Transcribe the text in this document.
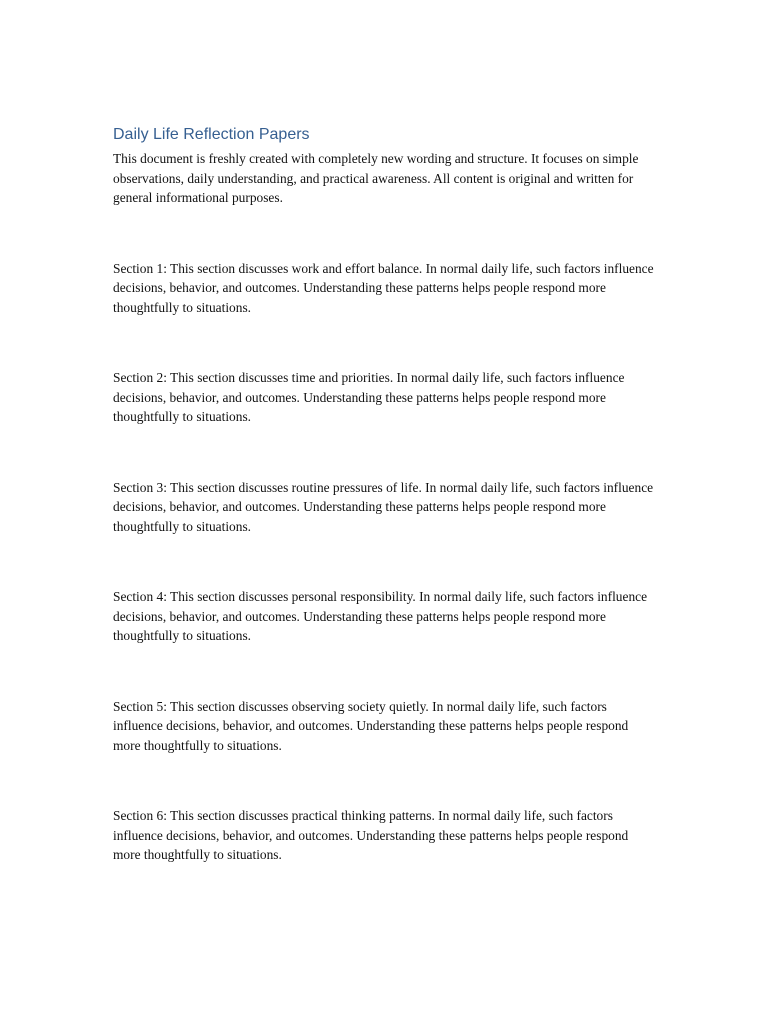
Daily Life Reflection Papers

This document is freshly created with completely new wording and structure. It focuses on simple observations, daily understanding, and practical awareness. All content is original and written for general informational purposes.

Section 1: This section discusses work and effort balance. In normal daily life, such factors influence decisions, behavior, and outcomes. Understanding these patterns helps people respond more thoughtfully to situations.

Section 2: This section discusses time and priorities. In normal daily life, such factors influence decisions, behavior, and outcomes. Understanding these patterns helps people respond more thoughtfully to situations.

Section 3: This section discusses routine pressures of life. In normal daily life, such factors influence decisions, behavior, and outcomes. Understanding these patterns helps people respond more thoughtfully to situations.

Section 4: This section discusses personal responsibility. In normal daily life, such factors influence decisions, behavior, and outcomes. Understanding these patterns helps people respond more thoughtfully to situations.

Section 5: This section discusses observing society quietly. In normal daily life, such factors influence decisions, behavior, and outcomes. Understanding these patterns helps people respond more thoughtfully to situations.

Section 6: This section discusses practical thinking patterns. In normal daily life, such factors influence decisions, behavior, and outcomes. Understanding these patterns helps people respond more thoughtfully to situations.
